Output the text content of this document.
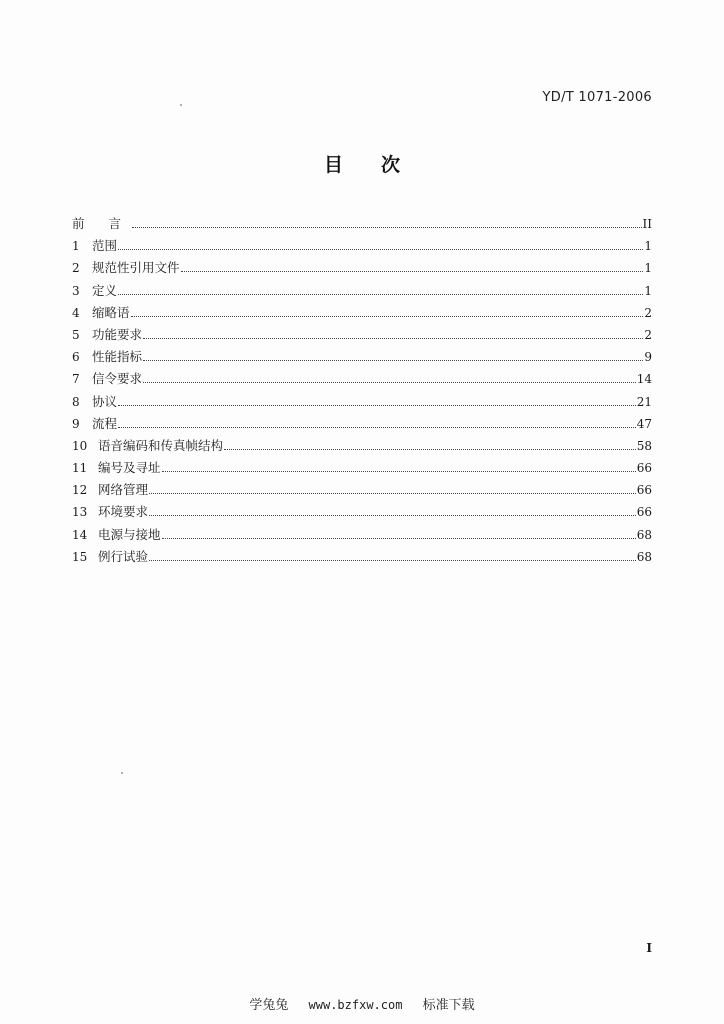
YD/T 1071-2006
目次
前 言	II
1 范围	1
2 规范性引用文件	1
3 定义	1
4 缩略语	2
5 功能要求	2
6 性能指标	9
7 信令要求	14
8 协议	21
9 流程	47
10 语音编码和传真帧结构	58
11 编号及寻址	66
12 网络管理	66
13 环境要求	66
14 电源与接地	68
15 例行试验	68
I
学兔兔 www.bzfxw.com 标准下载
